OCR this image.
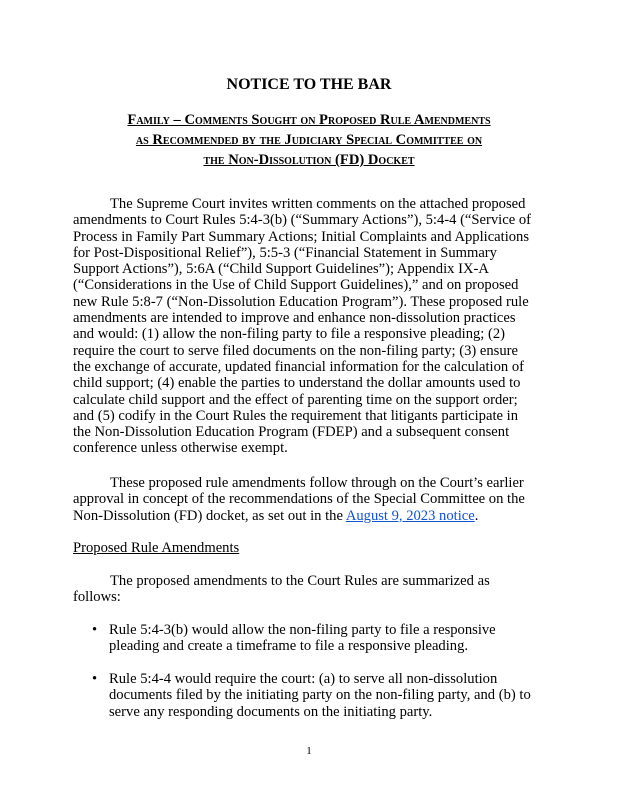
NOTICE TO THE BAR
Family – Comments Sought on Proposed Rule Amendments
as Recommended by the Judiciary Special Committee on
the Non-Dissolution (FD) Docket

The Supreme Court invites written comments on the attached proposed
amendments to Court Rules 5:4-3(b) (“Summary Actions”), 5:4-4 (“Service of
Process in Family Part Summary Actions; Initial Complaints and Applications
for Post-Dispositional Relief”), 5:5-3 (“Financial Statement in Summary
Support Actions”), 5:6A (“Child Support Guidelines”); Appendix IX-A
(“Considerations in the Use of Child Support Guidelines),” and on proposed
new Rule 5:8-7 (“Non-Dissolution Education Program”). These proposed rule
amendments are intended to improve and enhance non-dissolution practices
and would: (1) allow the non-filing party to file a responsive pleading; (2)
require the court to serve filed documents on the non-filing party; (3) ensure
the exchange of accurate, updated financial information for the calculation of
child support; (4) enable the parties to understand the dollar amounts used to
calculate child support and the effect of parenting time on the support order;
and (5) codify in the Court Rules the requirement that litigants participate in
the Non-Dissolution Education Program (FDEP) and a subsequent consent
conference unless otherwise exempt.

These proposed rule amendments follow through on the Court’s earlier
approval in concept of the recommendations of the Special Committee on the
Non-Dissolution (FD) docket, as set out in the August 9, 2023 notice.

Proposed Rule Amendments

The proposed amendments to the Court Rules are summarized as
follows:

• Rule 5:4-3(b) would allow the non-filing party to file a responsive
pleading and create a timeframe to file a responsive pleading.
• Rule 5:4-4 would require the court: (a) to serve all non-dissolution
documents filed by the initiating party on the non-filing party, and (b) to
serve any responding documents on the initiating party.

1
